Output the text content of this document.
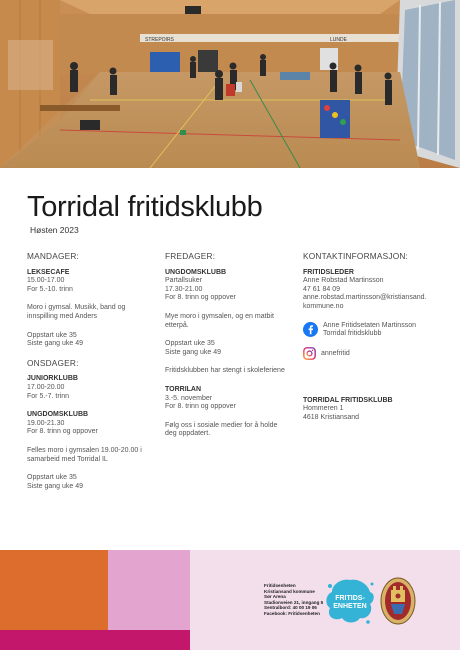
STREPOIRS	LUNDE
Torridal fritidsklubb
Høsten 2023
MANDAGER:
LEKSECAFE
15.00-17.00
For 5.-10. trinn
Moro i gymsal. Musikk, band og innspilling med Anders
Oppstart uke 35
Siste gang uke 49
ONSDAGER:
JUNIORKLUBB
17.00-20.00
For 5.-7. trinn
UNGDOMSKLUBB
19.00-21.30
For 8. trinn og oppover
Felles moro i gymsalen 19.00-20.00 i samarbeid med Torridal IL
Oppstart uke 35
Siste gang uke 49
FREDAGER:
UNGDOMSKLUBB
Partallsuker
17.30-21.00
For 8. trinn og oppover
Mye moro i gymsalen, og en matbit etterpå.
Oppstart uke 35
Siste gang uke 49
Fritidsklubben har stengt i skoleferiene
TORRILAN
3.-5. november
For 8. trinn og oppover
Følg oss i sosiale medier for å holde deg oppdatert.
KONTAKTINFORMASJON:
FRITIDSLEDER
Anne Robstad Martinsson
47 61 84 09
anne.robstad.martinsson@kristiansand.
kommune.no
Anne Fritidsetaten Martinsson
Torridal fritidsklubb
annefritid
TORRIDAL FRITIDSKLUBB
Hommeren 1
4618 Kristiansand
Fritidsenheten
Kristiansand kommune
Sør Arena
Stadionveien 21, inngang 5
Sentralbord: 40 00 19 06
Facebook: Fritidsenheten
FRITIDS-
ENHETEN
